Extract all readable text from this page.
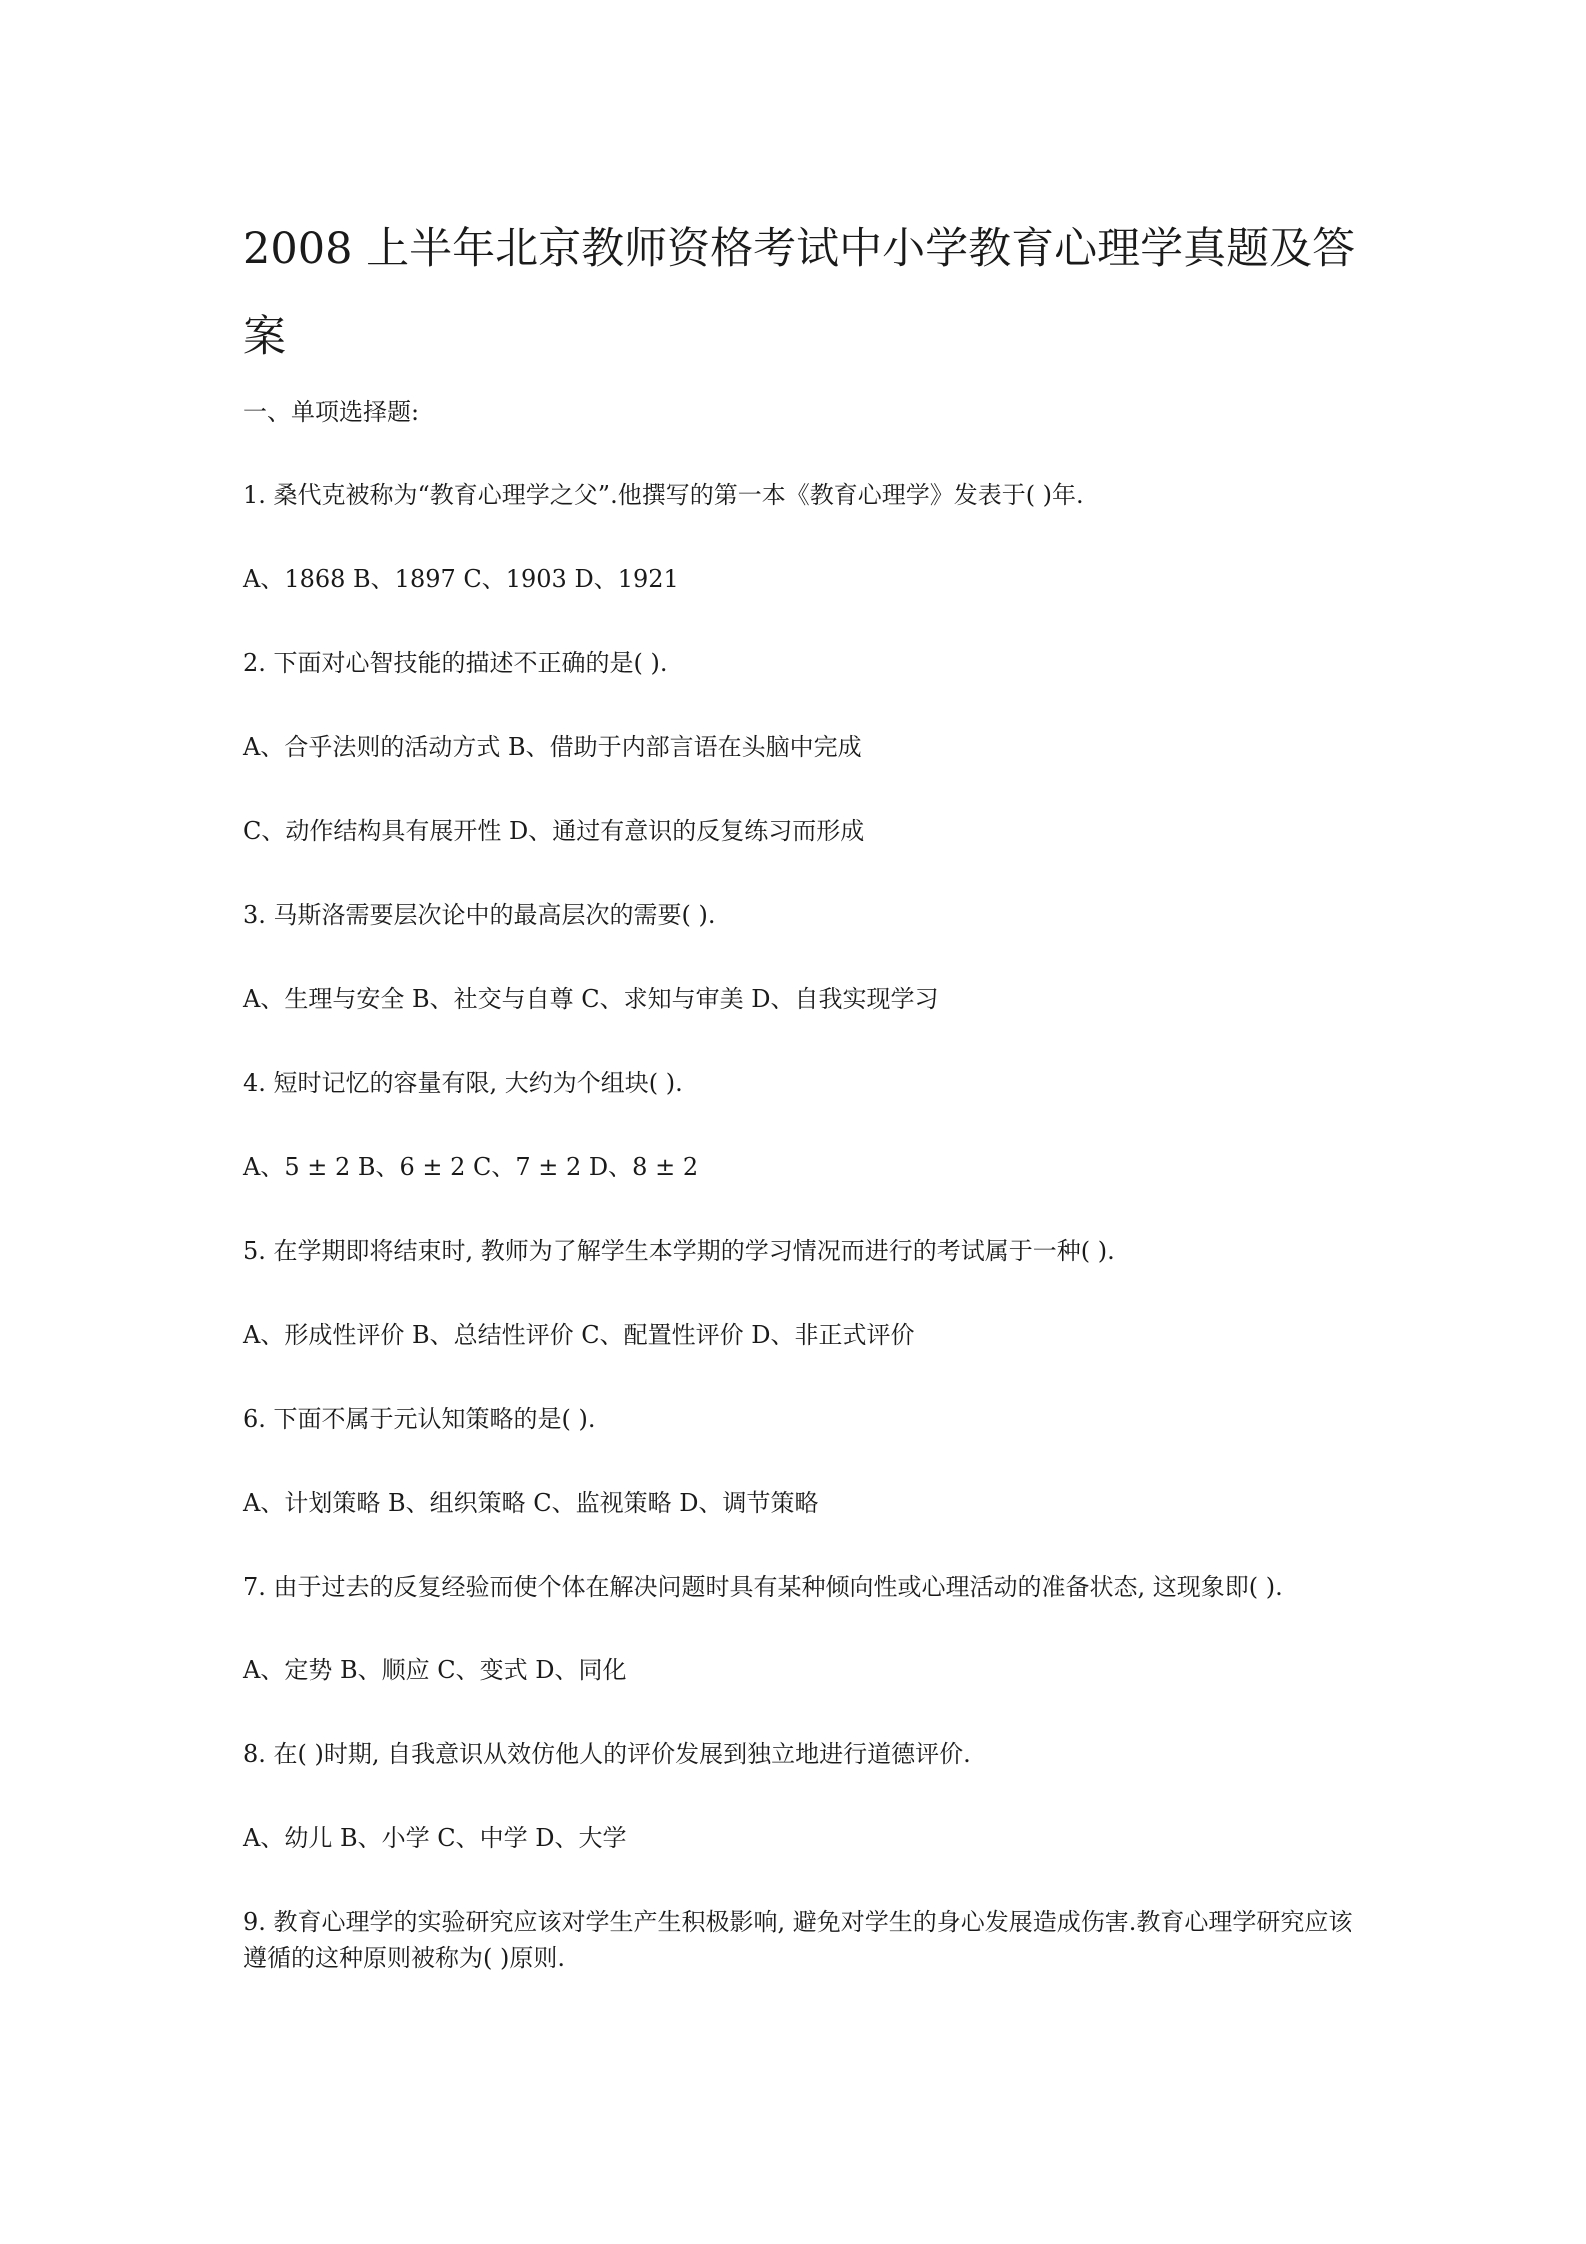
2008 上半年北京教师资格考试中小学教育心理学真题及答案
一、单项选择题:
1. 桑代克被称为“教育心理学之父”.他撰写的第一本《教育心理学》发表于( )年.
A、1868 B、1897 C、1903 D、1921
2. 下面对心智技能的描述不正确的是( ).
A、合乎法则的活动方式 B、借助于内部言语在头脑中完成
C、动作结构具有展开性 D、通过有意识的反复练习而形成
3. 马斯洛需要层次论中的最高层次的需要( ).
A、生理与安全 B、社交与自尊 C、求知与审美 D、自我实现学习
4. 短时记忆的容量有限, 大约为个组块( ).
A、5 ± 2 B、6 ± 2 C、7 ± 2 D、8 ± 2
5. 在学期即将结束时, 教师为了解学生本学期的学习情况而进行的考试属于一种( ).
A、形成性评价 B、总结性评价 C、配置性评价 D、非正式评价
6. 下面不属于元认知策略的是( ).
A、计划策略 B、组织策略 C、监视策略 D、调节策略
7. 由于过去的反复经验而使个体在解决问题时具有某种倾向性或心理活动的准备状态, 这现象即( ).
A、定势 B、顺应 C、变式 D、同化
8. 在( )时期, 自我意识从效仿他人的评价发展到独立地进行道德评价.
A、幼儿 B、小学 C、中学 D、大学
9. 教育心理学的实验研究应该对学生产生积极影响, 避免对学生的身心发展造成伤害.教育心理学研究应该遵循的这种原则被称为( )原则.
